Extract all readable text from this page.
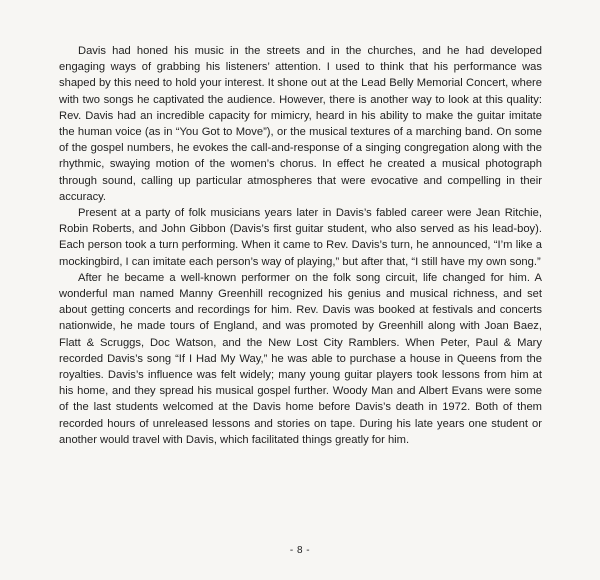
Davis had honed his music in the streets and in the churches, and he had developed engaging ways of grabbing his listeners’ attention. I used to think that his performance was shaped by this need to hold your interest. It shone out at the Lead Belly Memorial Concert, where with two songs he captivated the audience. However, there is another way to look at this quality: Rev. Davis had an incredible capacity for mimicry, heard in his ability to make the guitar imitate the human voice (as in “You Got to Move”), or the musical textures of a marching band. On some of the gospel numbers, he evokes the call-and-response of a singing congregation along with the rhythmic, swaying motion of the women’s chorus. In effect he created a musical photograph through sound, calling up particular atmospheres that were evocative and compelling in their accuracy.

Present at a party of folk musicians years later in Davis’s fabled career were Jean Ritchie, Robin Roberts, and John Gibbon (Davis’s first guitar student, who also served as his lead-boy). Each person took a turn performing. When it came to Rev. Davis’s turn, he announced, “I’m like a mockingbird, I can imitate each person’s way of playing,” but after that, “I still have my own song.”

After he became a well-known performer on the folk song circuit, life changed for him. A wonderful man named Manny Greenhill recognized his genius and musical richness, and set about getting concerts and recordings for him. Rev. Davis was booked at festivals and concerts nationwide, he made tours of England, and was promoted by Greenhill along with Joan Baez, Flatt & Scruggs, Doc Watson, and the New Lost City Ramblers. When Peter, Paul & Mary recorded Davis’s song “If I Had My Way,” he was able to purchase a house in Queens from the royalties. Davis’s influence was felt widely; many young guitar players took lessons from him at his home, and they spread his musical gospel further. Woody Man and Albert Evans were some of the last students welcomed at the Davis home before Davis’s death in 1972. Both of them recorded hours of unreleased lessons and stories on tape. During his late years one student or another would travel with Davis, which facilitated things greatly for him.

- 8 -
